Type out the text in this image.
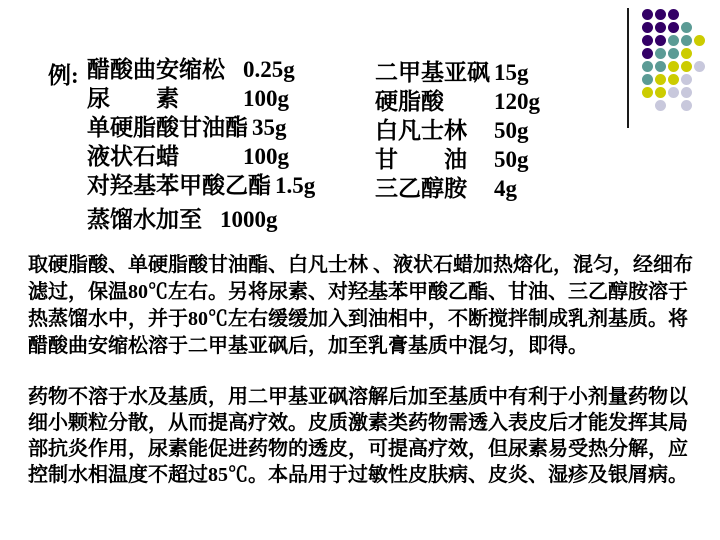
例: 醋酸曲安缩松 0.25g
尿　　素	100g
单硬脂酸甘油酯 35g
液状石蜡	100g
对羟基苯甲酸乙酯 1.5g
二甲基亚砜 15g
硬脂酸	120g
白凡士林	50g
甘　　油	50g
三乙醇胺	4g
蒸馏水加至 1000g
取硬脂酸、单硬脂酸甘油酯、白凡士林 、液状石蜡加热熔化，混匀，经细布滤过，保温80℃左右。另将尿素、对羟基苯甲酸乙酯、甘油、三乙醇胺溶于热蒸馏水中，并于80℃左右缓缓加入到油相中，不断搅拌制成乳剂基质。将醋酸曲安缩松溶于二甲基亚砜后，加至乳膏基质中混匀，即得。
药物不溶于水及基质，用二甲基亚砜溶解后加至基质中有利于小剂量药物以细小颗粒分散，从而提高疗效。皮质激素类药物需透入表皮后才能发挥其局部抗炎作用，尿素能促进药物的透皮，可提高疗效，但尿素易受热分解，应控制水相温度不超过85℃。本品用于过敏性皮肤病、皮炎、湿疹及银屑病。
